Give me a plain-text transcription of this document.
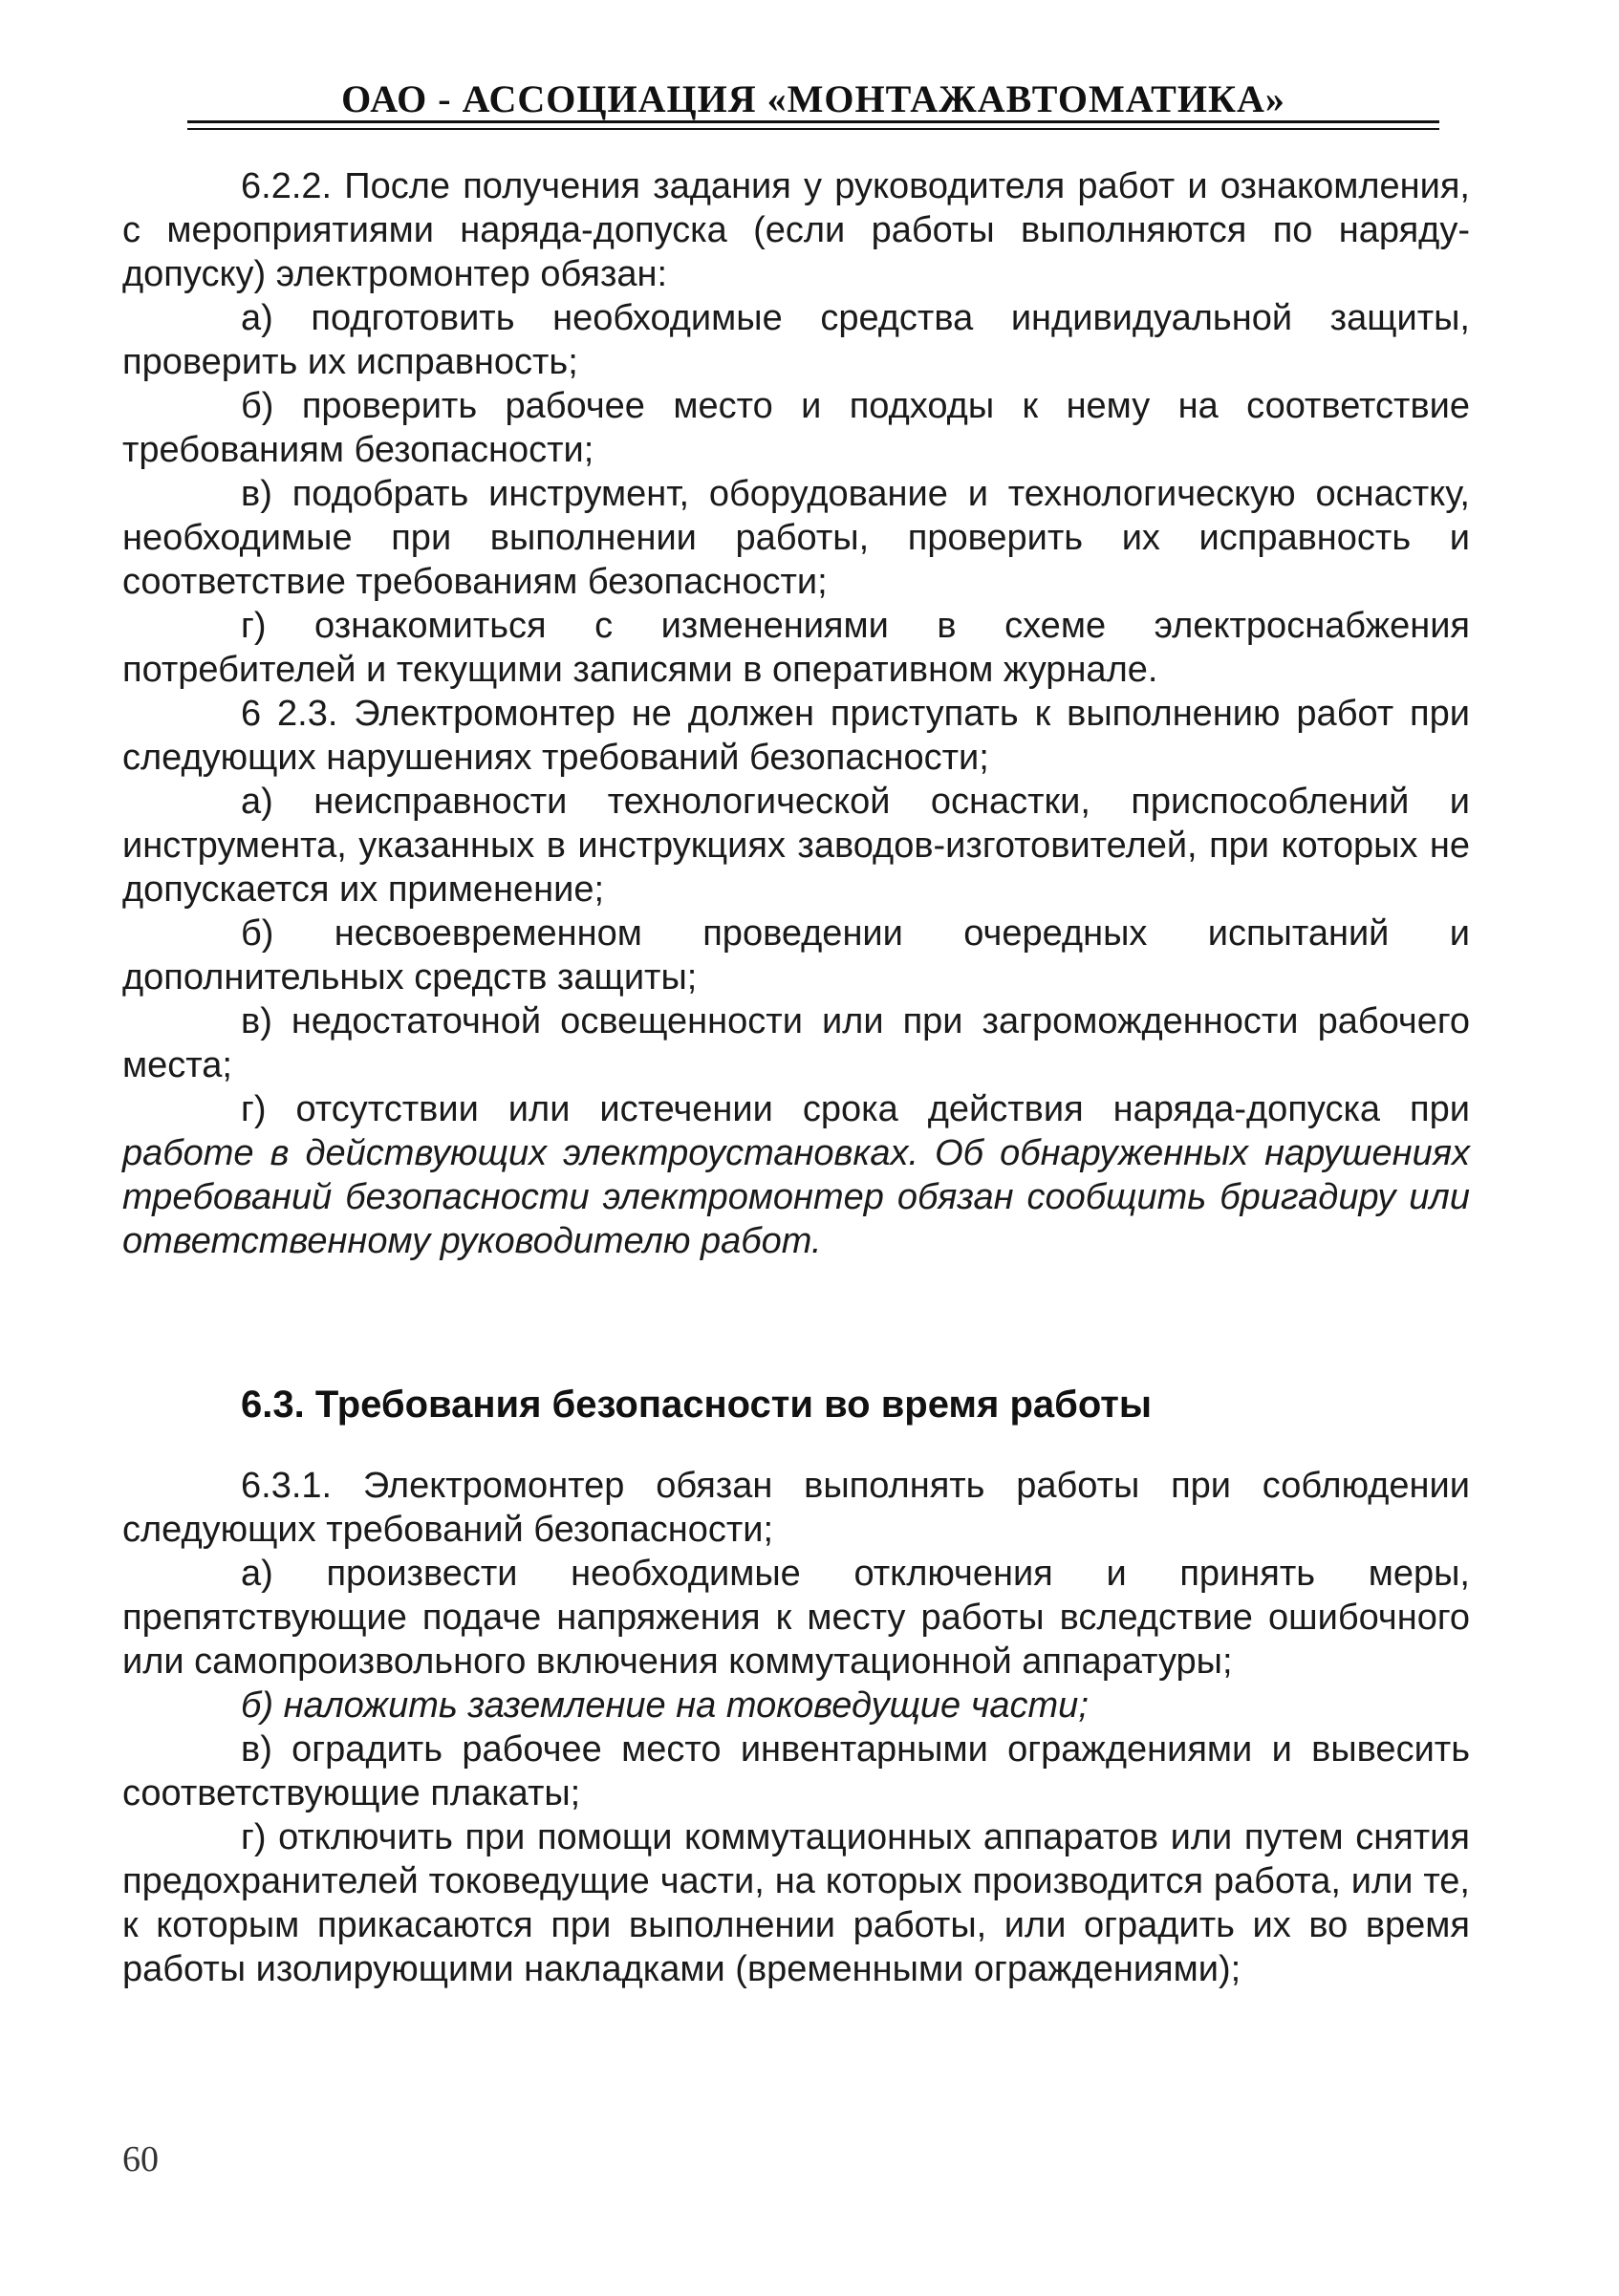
ОАО - АССОЦИАЦИЯ «МОНТАЖАВТОМАТИКА»

6.2.2. После получения задания у руководителя работ и ознакомления, с мероприятиями наряда-допуска (если работы выполняются по наряду-допуску) электромонтер обязан:

а) подготовить необходимые средства индивидуальной защиты, проверить их исправность;

б) проверить рабочее место и подходы к нему на соответствие требованиям безопасности;

в) подобрать инструмент, оборудование и технологическую оснастку, необходимые при выполнении работы, проверить их исправность и соответствие требованиям безопасности;

г) ознакомиться с изменениями в схеме электроснабжения потребителей и текущими записями в оперативном журнале.

6 2.3. Электромонтер не должен приступать к выполнению работ при следующих нарушениях требований безопасности;

а) неисправности технологической оснастки, приспособлений и инструмента, указанных в инструкциях заводов-изготовителей, при которых не допускается их применение;

б) несвоевременном проведении очередных испытаний и дополнительных средств защиты;

в) недостаточной освещенности или при загроможденности рабочего места;

г) отсутствии или истечении срока действия наряда-допуска при работе в действующих электроустановках. Об обнаруженных нарушениях требований безопасности электромонтер обязан сообщить бригадиру или ответственному руководителю работ.

6.3. Требования безопасности во время работы

6.3.1. Электромонтер обязан выполнять работы при соблюдении следующих требований безопасности;

а) произвести необходимые отключения и принять меры, препятствующие подаче напряжения к месту работы вследствие ошибочного или самопроизвольного включения коммутационной аппаратуры;

б) наложить заземление на токоведущие части;

в) оградить рабочее место инвентарными ограждениями и вывесить соответствующие плакаты;

г) отключить при помощи коммутационных аппаратов или путем снятия предохранителей токоведущие части, на которых производится работа, или те, к которым прикасаются при выполнении работы, или оградить их во время работы изолирующими накладками (временными ограждениями);

60
